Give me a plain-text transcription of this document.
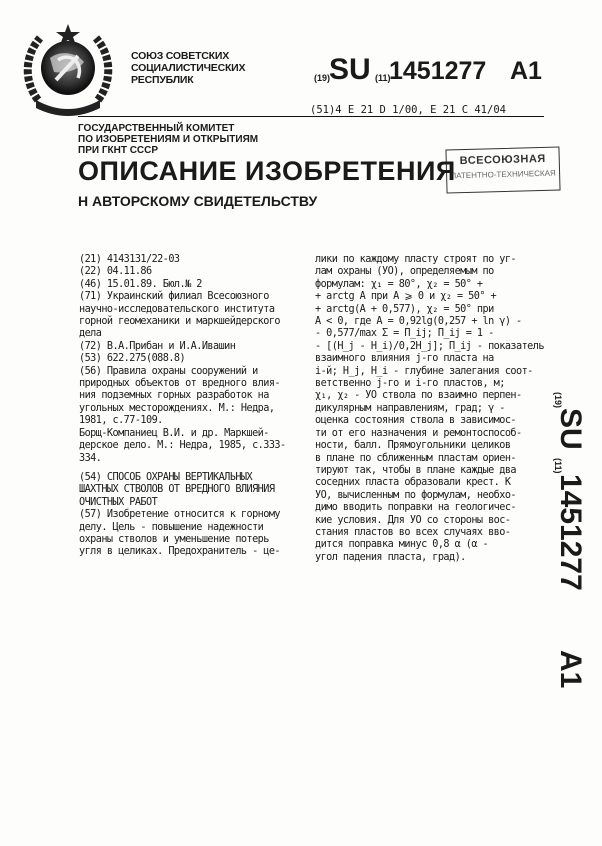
СОЮЗ СОВЕТСКИХ
СОЦИАЛИСТИЧЕСКИХ
РЕСПУБЛИК	(19)
SU (11)
1451277 A1
(51)4 Е 21 D 1/00, Е 21 С 41/04
ГОСУДАРСТВЕННЫЙ КОМИТЕТ
ПО ИЗОБРЕТЕНИЯМ И ОТКРЫТИЯМ
ПРИ ГКНТ СССР
ВСЕСОЮЗНАЯ
ПАТЕНТНО-ТЕХНИЧЕСКАЯ
ОПИСАНИЕ ИЗОБРЕТЕНИЯ
Н АВТОРСКОМУ СВИДЕТЕЛЬСТВУ
(21) 4143131/22-03
(22) 04.11.86
(46) 15.01.89. Бюл.№ 2
(71) Украинский филиал Всесоюзного
научно-исследовательского института
горной геомеханики и маркшейдерского
дела
(72) В.А.Прибан и И.А.Ивашин
(53) 622.275(088.8)
(56) Правила охраны сооружений и
природных объектов от вредного влия-
ния подземных горных разработок на
угольных месторождениях. М.: Недра,
1981, с.77-109.
Борщ-Компаниец В.И. и др. Маркшей-
дерское дело. М.: Недра, 1985, с.333-
334.
(54) СПОСОБ ОХРАНЫ ВЕРТИКАЛЬНЫХ
ШАХТНЫХ СТВОЛОВ ОТ ВРЕДНОГО ВЛИЯНИЯ
ОЧИСТНЫХ РАБОТ
(57) Изобретение относится к горному
делу. Цель - повышение надежности
охраны стволов и уменьшение потерь
угля в целиках. Предохранитель - це-
лики по каждому пласту строят по уг-
лам охраны (УО), определяемым по
формулам: χ₁ = 80°, χ₂ = 50° +
+ arctg А при А ⩾ 0 и χ₂ = 50° +
+ arctg(А + 0,577), χ₂ = 50° при
А < 0, где А = 0,92lg(0,257 + ln γ) -
- 0,577/max Σ = П_ij; П_ij = 1 -
- [(Н_j - Н_i)/0,2Н_j]; П_ij - показатель
взаимного влияния j-го пласта на
i-й; Н_j, Н_i - глубине залегания соот-
ветственно j-го и i-го пластов, м;
χ₁, χ₂ - УО ствола по взаимно перпен-
дикулярным направлениям, град; γ -
оценка состояния ствола в зависимос-
ти от его назначения и ремонтоспособ-
ности, балл. Прямоугольники целиков
в плане по сближенным пластам ориен-
тируют так, чтобы в плане каждые два
соседних пласта образовали крест. К
УО, вычисленным по формулам, необхо-
димо вводить поправки на геологичес-
кие условия. Для УО со стороны вос-
стания пластов во всех случаях вво-
дится поправка минус 0,8 α (α -
угол падения пласта, град).
(19)
SU
(11)
1451277
A1
